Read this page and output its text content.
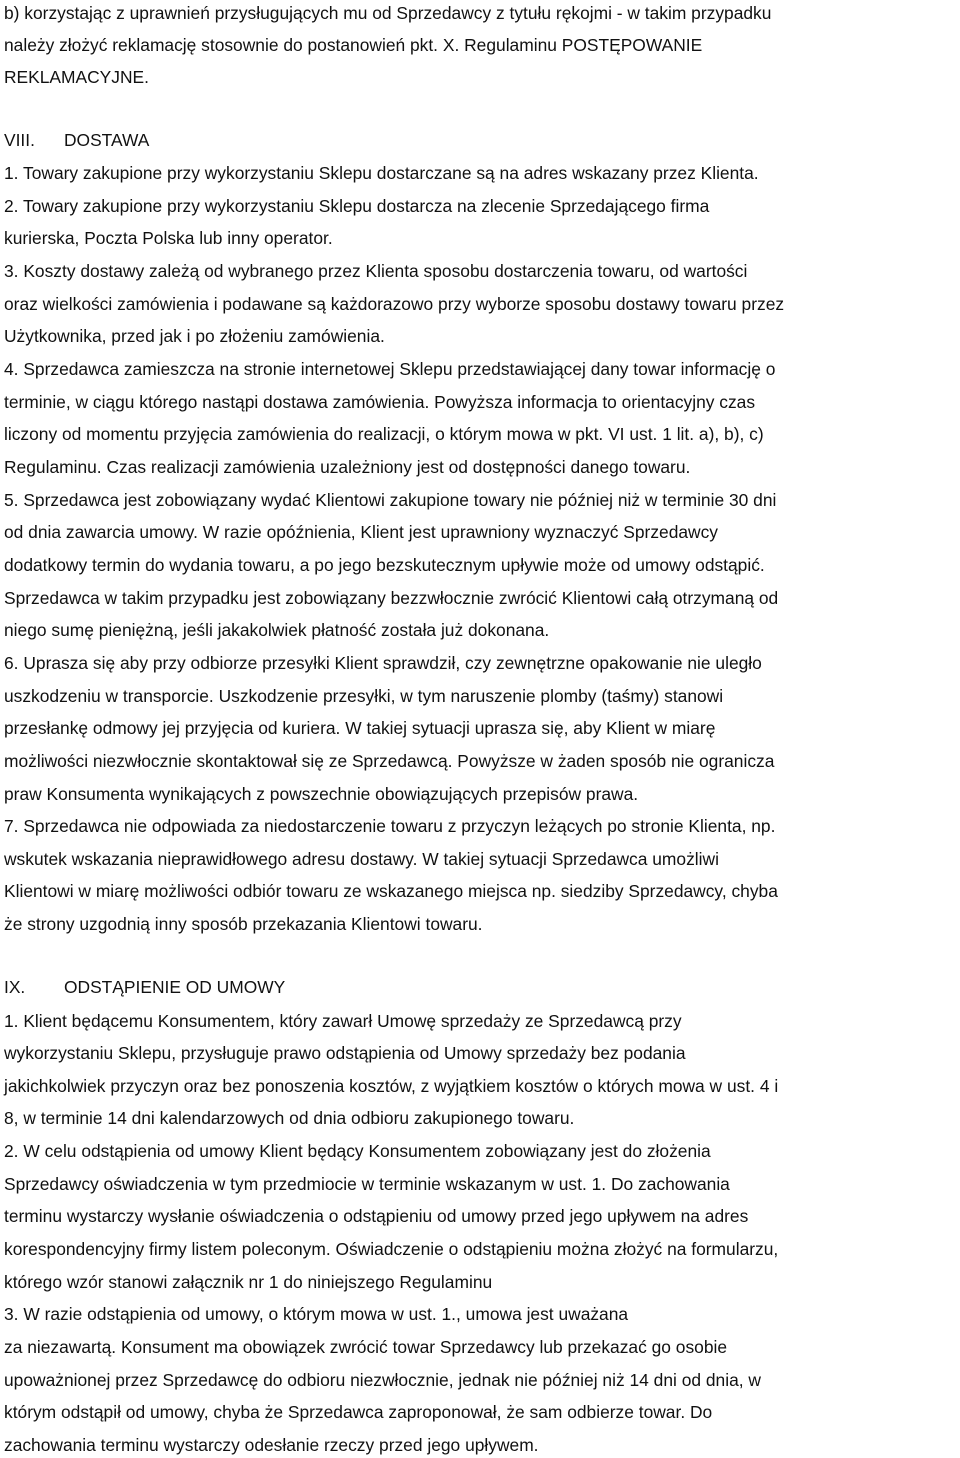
b) korzystając z uprawnień przysługujących mu od Sprzedawcy z tytułu rękojmi - w takim przypadku
należy złożyć reklamację stosownie do postanowień pkt. X. Regulaminu POSTĘPOWANIE
REKLAMACYJNE.
VIII. DOSTAWA
1. Towary zakupione przy wykorzystaniu Sklepu dostarczane są na adres wskazany przez Klienta.
2. Towary zakupione przy wykorzystaniu Sklepu dostarcza na zlecenie Sprzedającego firma
kurierska, Poczta Polska lub inny operator.
3. Koszty dostawy zależą od wybranego przez Klienta sposobu dostarczenia towaru, od wartości
oraz wielkości zamówienia i podawane są każdorazowo przy wyborze sposobu dostawy towaru przez
Użytkownika, przed jak i po złożeniu zamówienia.
4. Sprzedawca zamieszcza na stronie internetowej Sklepu przedstawiającej dany towar informację o
terminie, w ciągu którego nastąpi dostawa zamówienia. Powyższa informacja to orientacyjny czas
liczony od momentu przyjęcia zamówienia do realizacji, o którym mowa w pkt. VI ust. 1 lit. a), b), c)
Regulaminu. Czas realizacji zamówienia uzależniony jest od dostępności danego towaru.
5. Sprzedawca jest zobowiązany wydać Klientowi zakupione towary nie później niż w terminie 30 dni
od dnia zawarcia umowy. W razie opóźnienia, Klient jest uprawniony wyznaczyć Sprzedawcy
dodatkowy termin do wydania towaru, a po jego bezskutecznym upływie może od umowy odstąpić.
Sprzedawca w takim przypadku jest zobowiązany bezzwłocznie zwrócić Klientowi całą otrzymaną od
niego sumę pieniężną, jeśli jakakolwiek płatność została już dokonana.
6. Uprasza się aby przy odbiorze przesyłki Klient sprawdził, czy zewnętrzne opakowanie nie uległo
uszkodzeniu w transporcie. Uszkodzenie przesyłki, w tym naruszenie plomby (taśmy) stanowi
przesłankę odmowy jej przyjęcia od kuriera. W takiej sytuacji uprasza się, aby Klient w miarę
możliwości niezwłocznie skontaktował się ze Sprzedawcą. Powyższe w żaden sposób nie ogranicza
praw Konsumenta wynikających z powszechnie obowiązujących przepisów prawa.
7. Sprzedawca nie odpowiada za niedostarczenie towaru z przyczyn leżących po stronie Klienta, np.
wskutek wskazania nieprawidłowego adresu dostawy. W takiej sytuacji Sprzedawca umożliwi
Klientowi w miarę możliwości odbiór towaru ze wskazanego miejsca np. siedziby Sprzedawcy, chyba
że strony uzgodnią inny sposób przekazania Klientowi towaru.
IX. ODSTĄPIENIE OD UMOWY
1. Klient będącemu Konsumentem, który zawarł Umowę sprzedaży ze Sprzedawcą przy
wykorzystaniu Sklepu, przysługuje prawo odstąpienia od Umowy sprzedaży bez podania
jakichkolwiek przyczyn oraz bez ponoszenia kosztów, z wyjątkiem kosztów o których mowa w ust. 4 i
8, w terminie 14 dni kalendarzowych od dnia odbioru zakupionego towaru.
2. W celu odstąpienia od umowy Klient będący Konsumentem zobowiązany jest do złożenia
Sprzedawcy oświadczenia w tym przedmiocie w terminie wskazanym w ust. 1. Do zachowania
terminu wystarczy wysłanie oświadczenia o odstąpieniu od umowy przed jego upływem na adres
korespondencyjny firmy listem poleconym. Oświadczenie o odstąpieniu można złożyć na formularzu,
którego wzór stanowi załącznik nr 1 do niniejszego Regulaminu
3. W razie odstąpienia od umowy, o którym mowa w ust. 1., umowa jest uważana
za niezawartą. Konsument ma obowiązek zwrócić towar Sprzedawcy lub przekazać go osobie
upoważnionej przez Sprzedawcę do odbioru niezwłocznie, jednak nie później niż 14 dni od dnia, w
którym odstąpił od umowy, chyba że Sprzedawca zaproponował, że sam odbierze towar. Do
zachowania terminu wystarczy odesłanie rzeczy przed jego upływem.
